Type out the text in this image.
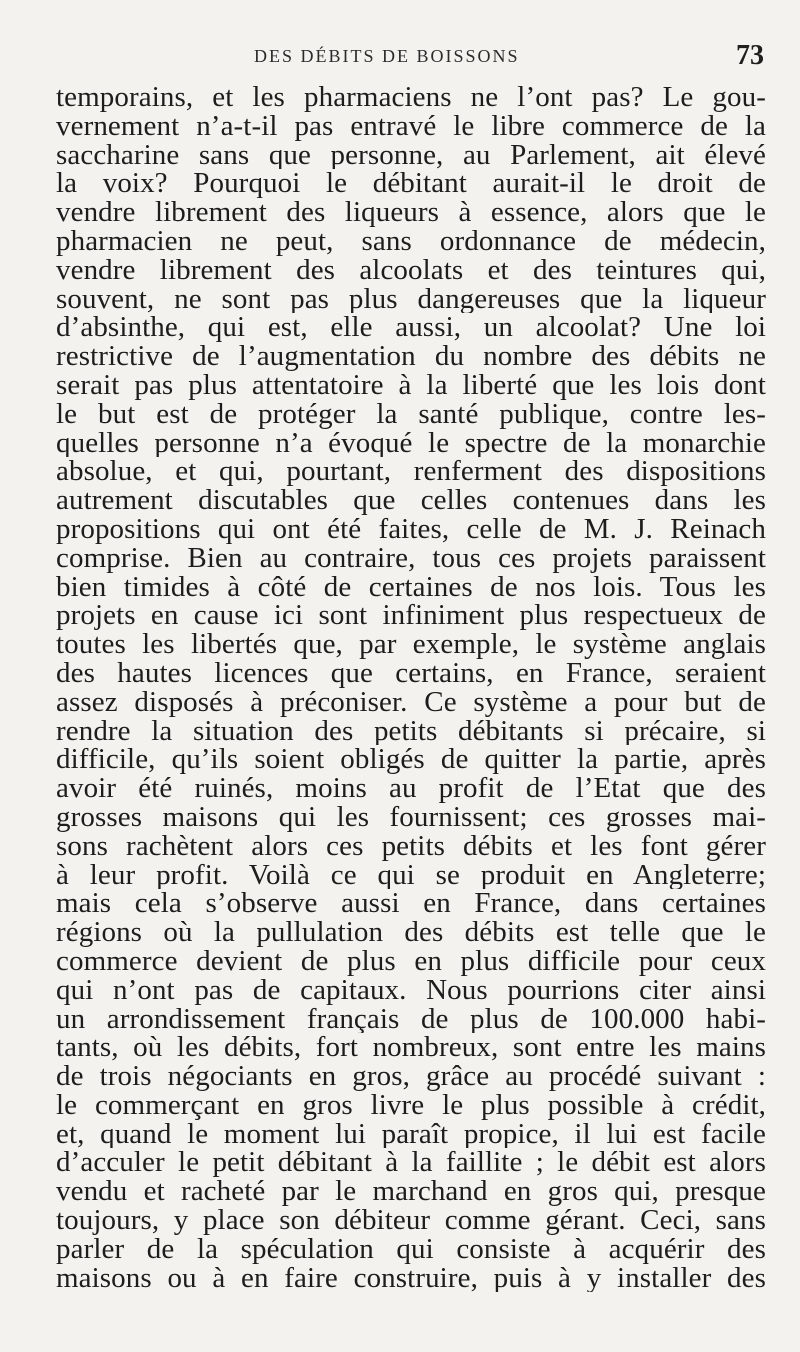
DES DÉBITS DE BOISSONS	73
temporains, et les pharmaciens ne l’ont pas? Le gou-
vernement n’a-t-il pas entravé le libre commerce de la
saccharine sans que personne, au Parlement, ait élevé
la voix? Pourquoi le débitant aurait-il le droit de
vendre librement des liqueurs à essence, alors que le
pharmacien ne peut, sans ordonnance de médecin,
vendre librement des alcoolats et des teintures qui,
souvent, ne sont pas plus dangereuses que la liqueur
d’absinthe, qui est, elle aussi, un alcoolat? Une loi
restrictive de l’augmentation du nombre des débits ne
serait pas plus attentatoire à la liberté que les lois dont
le but est de protéger la santé publique, contre les-
quelles personne n’a évoqué le spectre de la monarchie
absolue, et qui, pourtant, renferment des dispositions
autrement discutables que celles contenues dans les
propositions qui ont été faites, celle de M. J. Reinach
comprise. Bien au contraire, tous ces projets paraissent
bien timides à côté de certaines de nos lois. Tous les
projets en cause ici sont infiniment plus respectueux de
toutes les libertés que, par exemple, le système anglais
des hautes licences que certains, en France, seraient
assez disposés à préconiser. Ce système a pour but de
rendre la situation des petits débitants si précaire, si
difficile, qu’ils soient obligés de quitter la partie, après
avoir été ruinés, moins au profit de l’Etat que des
grosses maisons qui les fournissent; ces grosses mai-
sons rachètent alors ces petits débits et les font gérer
à leur profit. Voilà ce qui se produit en Angleterre;
mais cela s’observe aussi en France, dans certaines
régions où la pullulation des débits est telle que le
commerce devient de plus en plus difficile pour ceux
qui n’ont pas de capitaux. Nous pourrions citer ainsi
un arrondissement français de plus de 100.000 habi-
tants, où les débits, fort nombreux, sont entre les mains
de trois négociants en gros, grâce au procédé suivant :
le commerçant en gros livre le plus possible à crédit,
et, quand le moment lui paraît propice, il lui est facile
d’acculer le petit débitant à la faillite ; le débit est alors
vendu et racheté par le marchand en gros qui, presque
toujours, y place son débiteur comme gérant. Ceci, sans
parler de la spéculation qui consiste à acquérir des
maisons ou à en faire construire, puis à y installer des
